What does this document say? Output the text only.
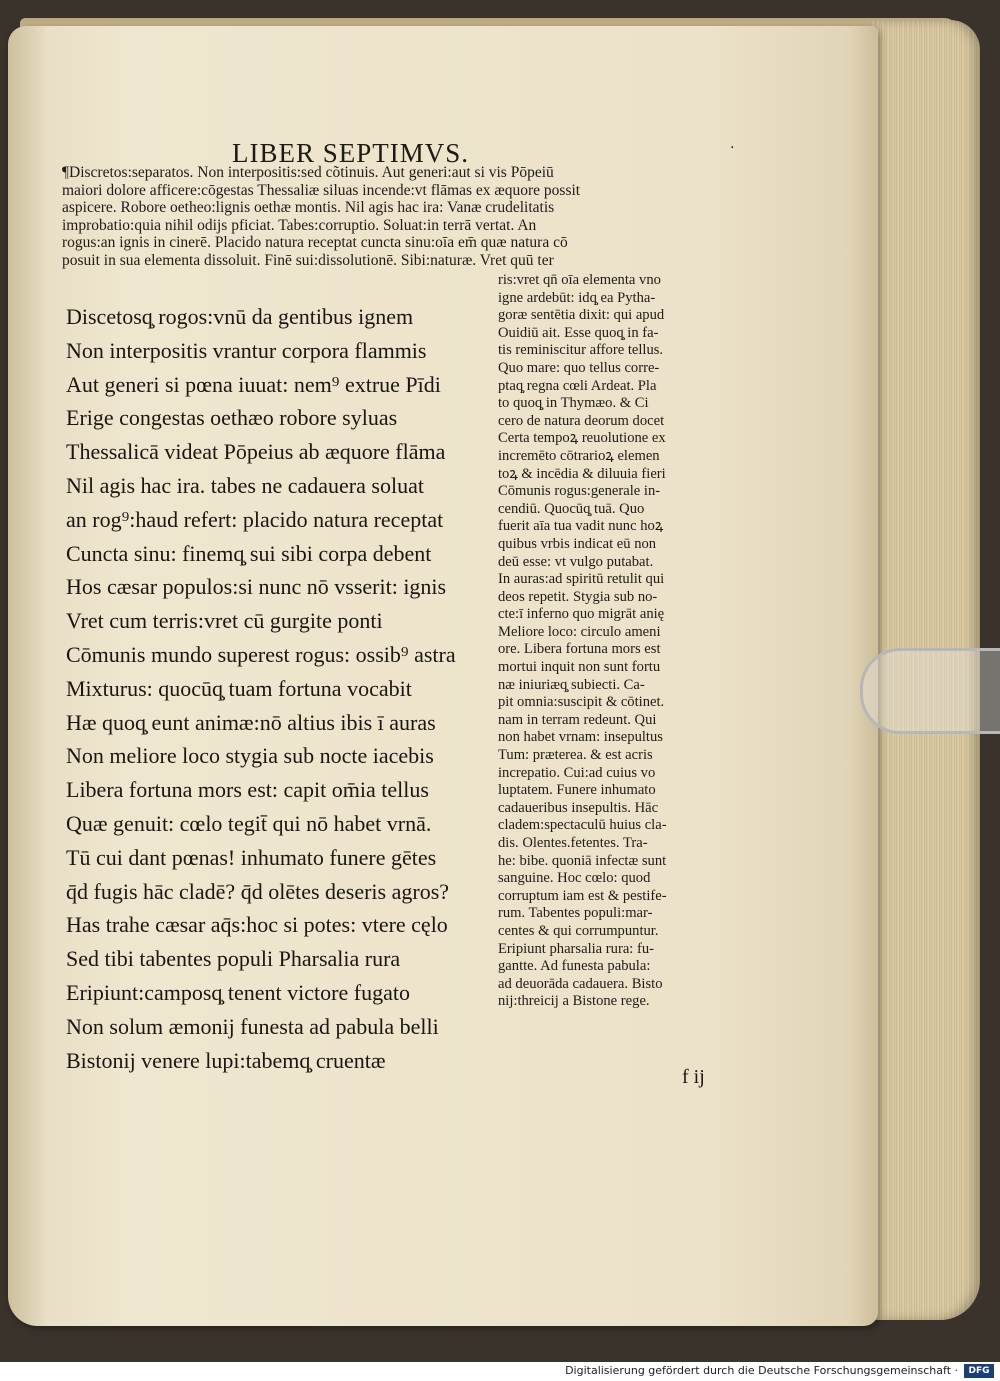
LIBER SEPTIMVS.	·
¶Discretos:separatos. Non interpositis:sed cõtinuis. Aut generi:aut si vis Pōpeiū
maiori dolore afficere:cōgestas Thessaliæ siluas incende:vt flāmas ex æquore possit
aspicere. Robore oetheo:lignis oethæ montis. Nil agis hac ira: Vanæ crudelitatis
improbatio:quia nihil odijs pficiat. Tabes:corruptio. Soluat:in terrā vertat. An
rogus:an ignis in cinerē. Placido natura receptat cuncta sinu:oīa em̄ quæ natura cō
posuit in sua elementa dissoluit. Finē sui:dissolutionē. Sibi:naturæ. Vret quū ter
Discetosq̧ rogos:vnū da gentibus ignem
Non interpositis vrantur corpora flammis
Aut generi si pœna iuuat: nem⁹ extrue Pīdi
Erige congestas oethæo robore syluas
Thessalicā videat Pōpeius ab æquore flāma
Nil agis hac ira. tabes ne cadauera soluat
an rog⁹:haud refert: placido natura receptat
Cuncta sinu: finemq̧ sui sibi corpa debent
Hos cæsar populos:si nunc nō vsserit: ignis
Vret cum terris:vret cū gurgite ponti
Cōmunis mundo superest rogus: ossib⁹ astra
Mixturus: quocūq̧ tuam fortuna vocabit
Hæ quoq̧ eunt animæ:nō altius ibis ī auras
Non meliore loco stygia sub nocte iacebis
Libera fortuna mors est: capit om̄ia tellus
Quæ genuit: cœlo tegit̄ qui nō habet vrnā.
Tū cui dant pœnas! inhumato funere gētes
q̄d fugis hāc cladē? q̄d olētes deseris agros?
Has trahe cæsar aq̄s:hoc si potes: vtere cęlo
Sed tibi tabentes populi Pharsalia rura
Eripiunt:camposq̧ tenent victore fugato
Non solum æmonij funesta ad pabula belli
Bistonij venere lupi:tabemq̧ cruentæ
ris:vret qn̄ oīa elementa vno
igne ardebūt: idq̧ ea Pytha-
goræ sentētia dixit: qui apud
Ouidiū ait. Esse quoq̧ in fa-
tis reminiscitur affore tellus.
Quo mare: quo tellus corre-
ptaq̧ regna cœli Ardeat. Pla
to quoq̧ in Thymæo. & Ci
cero de natura deorum docet
Certa tempoꝝ reuolutione ex
incremēto cōtrarioꝝ elemen
toꝝ & incēdia & diluuia fieri
Cōmunis rogus:generale in-
cendiū. Quocūq̧ tuā. Quo
fuerit aīa tua vadit nunc hoꝝ
quibus vrbis indicat eū non
deū esse: vt vulgo putabat.
In auras:ad spiritū retulit qui
deos repetit. Stygia sub no-
cte:ī inferno quo migrāt anię
Meliore loco: circulo ameni
ore. Libera fortuna mors est
mortui inquit non sunt fortu
næ iniuriæq̧ subiecti. Ca-
pit omnia:suscipit & cōtinet.
nam in terram redeunt. Qui
non habet vrnam: insepultus
Tum: præterea. & est acris
increpatio. Cui:ad cuius vo
luptatem. Funere inhumato
cadaueribus insepultis. Hāc
cladem:spectaculū huius cla-
dis. Olentes.fetentes. Tra-
he: bibe. quoniā infectæ sunt
sanguine. Hoc cœlo: quod
corruptum iam est & pestife-
rum. Tabentes populi:mar-
centes & qui corrumpuntur.
Eripiunt pharsalia rura: fu-
gantte. Ad funesta pabula:
ad deuorāda cadauera. Bisto
nij:threicij a Bistone rege.
f ij
Digitalisierung gefördert durch die Deutsche Forschungsgemeinschaft ·	DFG
